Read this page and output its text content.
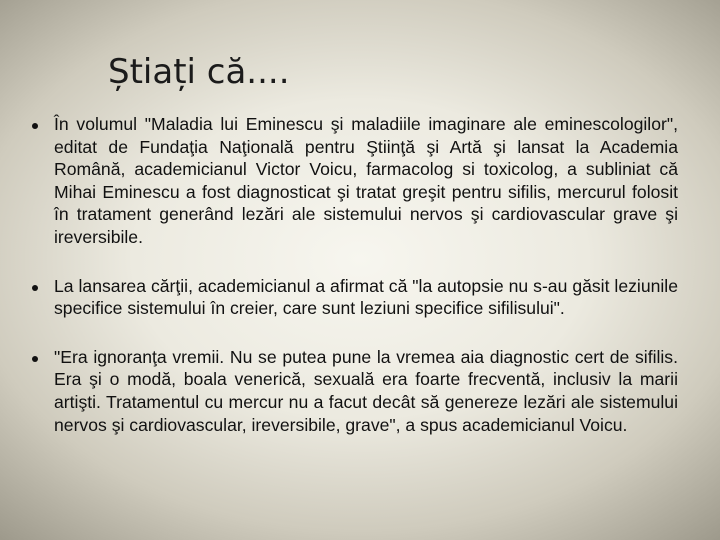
Știați că....
În volumul "Maladia lui Eminescu şi maladiile imaginare ale eminescologilor", editat de Fundaţia Naţională pentru Ştiinţă şi Artă şi lansat la Academia Română, academicianul Victor Voicu, farmacolog si toxicolog, a subliniat că Mihai Eminescu a fost diagnosticat şi tratat greşit pentru sifilis, mercurul folosit în tratament generând lezări ale sistemului nervos şi cardiovascular grave şi ireversibile.
La lansarea cărţii, academicianul a afirmat că "la autopsie nu s-au găsit leziunile specifice sistemului în creier, care sunt leziuni specifice sifilisului".
"Era ignoranţa vremii. Nu se putea pune la vremea aia diagnostic cert de sifilis. Era şi o modă, boala venerică, sexuală era foarte frecventă, inclusiv la marii artişti. Tratamentul cu mercur nu a facut decât să genereze lezări ale sistemului nervos şi cardiovascular, ireversibile, grave", a spus academicianul Voicu.
